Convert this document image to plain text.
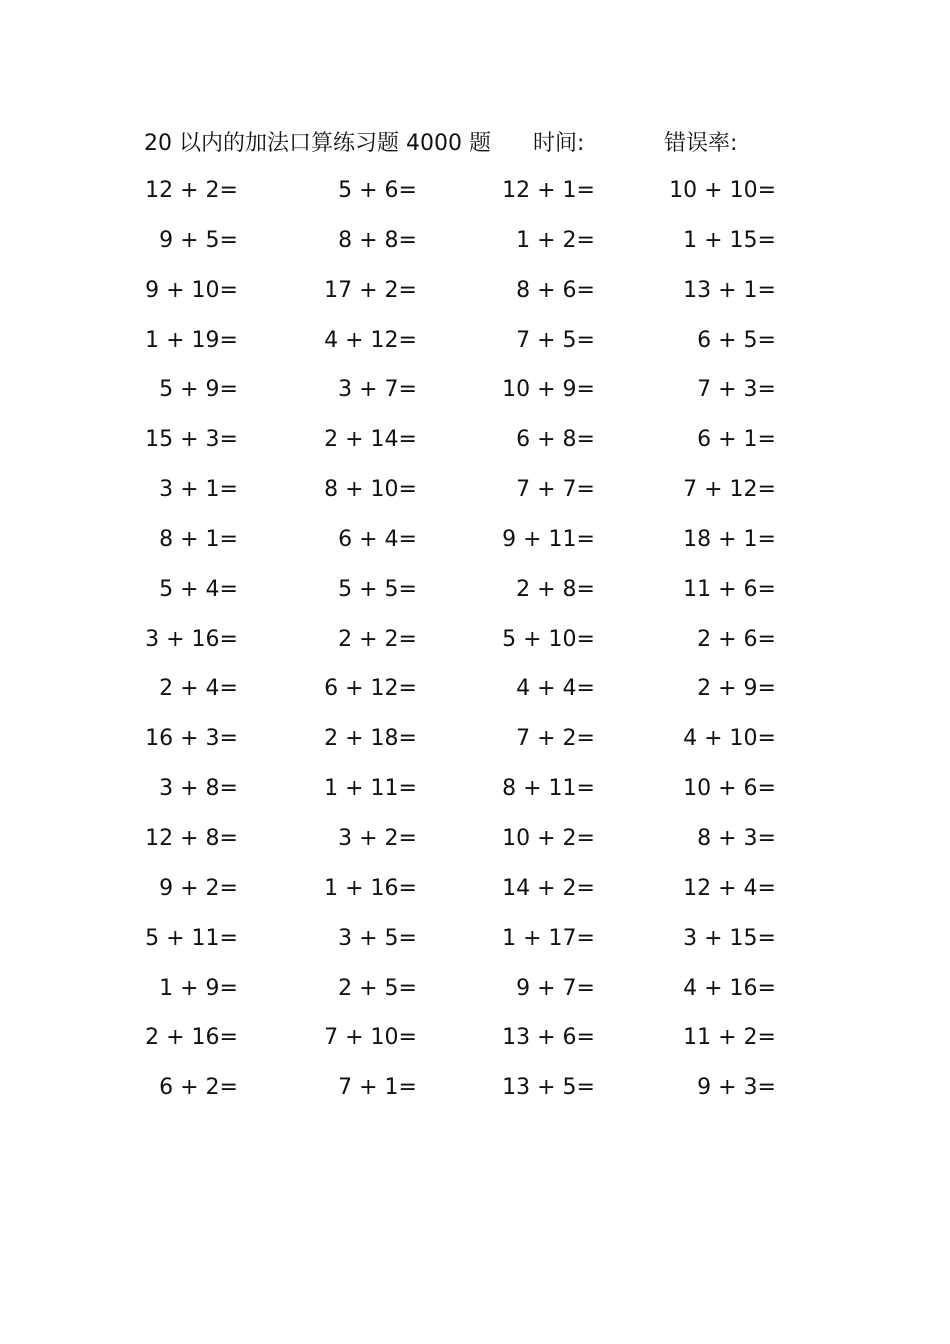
20 以内的加法口算练习题 4000 题 时间:	错误率:
12 + 2=	5 + 6=	12 + 1=	10 + 10=
9 + 5=	8 + 8=	1 + 2=	1 + 15=
9 + 10=	17 + 2=	8 + 6=	13 + 1=
1 + 19=	4 + 12=	7 + 5=	6 + 5=
5 + 9=	3 + 7=	10 + 9=	7 + 3=
15 + 3=	2 + 14=	6 + 8=	6 + 1=
3 + 1=	8 + 10=	7 + 7=	7 + 12=
8 + 1=	6 + 4=	9 + 11=	18 + 1=
5 + 4=	5 + 5=	2 + 8=	11 + 6=
3 + 16=	2 + 2=	5 + 10=	2 + 6=
2 + 4=	6 + 12=	4 + 4=	2 + 9=
16 + 3=	2 + 18=	7 + 2=	4 + 10=
3 + 8=	1 + 11=	8 + 11=	10 + 6=
12 + 8=	3 + 2=	10 + 2=	8 + 3=
9 + 2=	1 + 16=	14 + 2=	12 + 4=
5 + 11=	3 + 5=	1 + 17=	3 + 15=
1 + 9=	2 + 5=	9 + 7=	4 + 16=
2 + 16=	7 + 10=	13 + 6=	11 + 2=
6 + 2=	7 + 1=	13 + 5=	9 + 3=
